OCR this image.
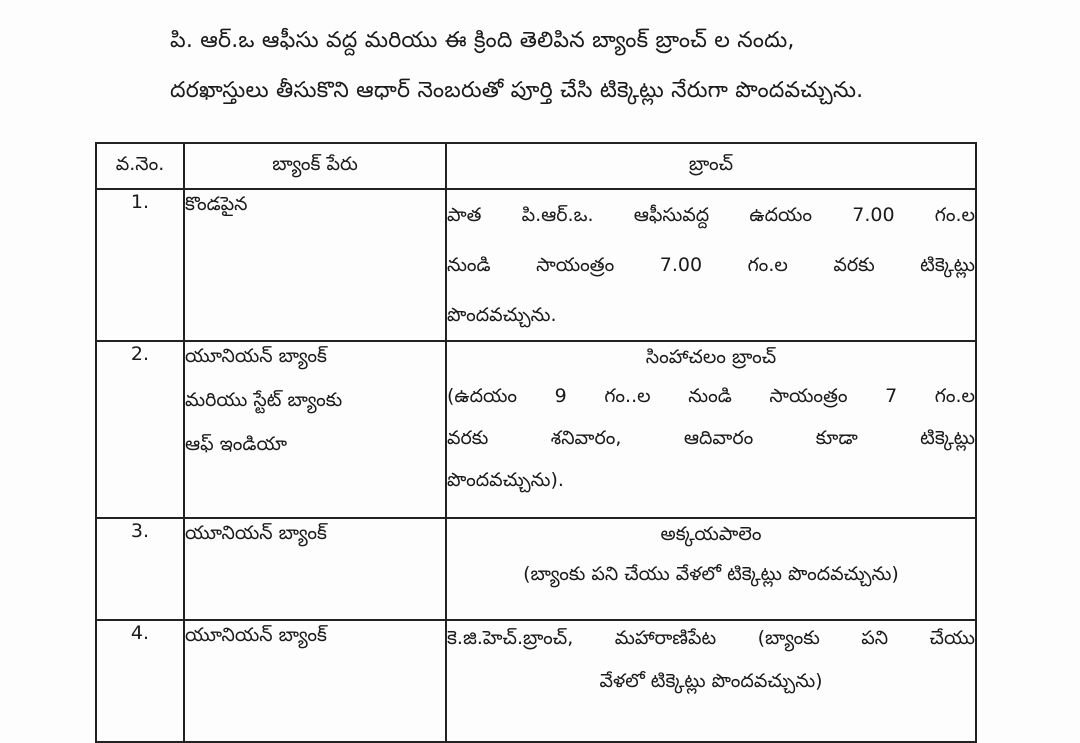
పి. ఆర్.ఒ ఆఫీసు వద్ద మరియు ఈ క్రింది తెలిపిన బ్యాంక్ బ్రాంచ్ ల నందు,
దరఖాస్తులు తీసుకొని ఆధార్ నెంబరుతో పూర్తి చేసి టిక్కెట్లు నేరుగా పొందవచ్చును.
వ.నెం.	బ్యాంక్ పేరు	బ్రాంచ్

1.	కొండపైన	పాత పి.ఆర్.ఒ. ఆఫీసువద్ద ఉదయం 7.00 గం.ల
నుండి సాయంత్రం 7.00 గం.ల వరకు టిక్కెట్లు
పొందవచ్చును.

2.	యూనియన్ బ్యాంక్
మరియు స్టేట్ బ్యాంకు
ఆఫ్ ఇండియా	సింహాచలం బ్రాంచ్
(ఉదయం 9 గం..ల నుండి సాయంత్రం 7 గం.ల
వరకు శనివారం, ఆదివారం కూడా టిక్కెట్లు
పొందవచ్చును).

3.	యూనియన్ బ్యాంక్	అక్కయపాలెం
(బ్యాంకు పని చేయు వేళలో టిక్కెట్లు పొందవచ్చును)

4.	యూనియన్ బ్యాంక్	కె.జి.హెచ్.బ్రాంచ్, మహారాణిపేట (బ్యాంకు పని చేయు
వేళలో టిక్కెట్లు పొందవచ్చును)
